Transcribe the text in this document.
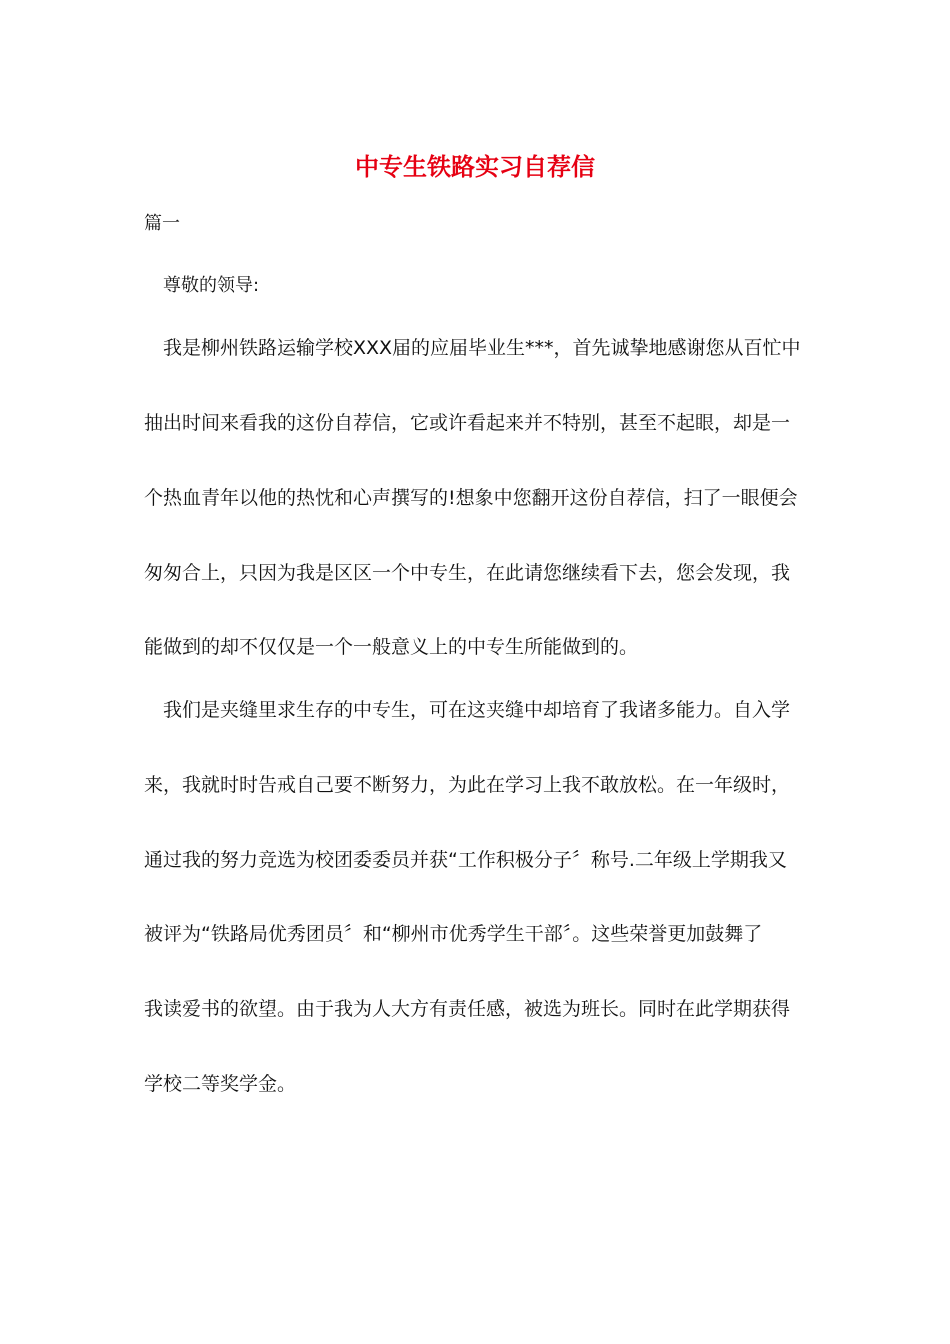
中专生铁路实习自荐信

篇一

尊敬的领导:

我是柳州铁路运输学校XXX届的应届毕业生***，首先诚挚地感谢您从百忙中

抽出时间来看我的这份自荐信，它或许看起来并不特别，甚至不起眼，却是一

个热血青年以他的热忱和心声撰写的!想象中您翻开这份自荐信，扫了一眼便会

匆匆合上，只因为我是区区一个中专生，在此请您继续看下去，您会发现，我

能做到的却不仅仅是一个一般意义上的中专生所能做到的。

我们是夹缝里求生存的中专生，可在这夹缝中却培育了我诸多能力。自入学

来，我就时时告戒自己要不断努力，为此在学习上我不敢放松。在一年级时，

通过我的努力竞选为校团委委员并获“工作积极分子〞称号.二年级上学期我又

被评为“铁路局优秀团员〞和“柳州市优秀学生干部〞。这些荣誉更加鼓舞了

我读爱书的欲望。由于我为人大方有责任感，被选为班长。同时在此学期获得

学校二等奖学金。
